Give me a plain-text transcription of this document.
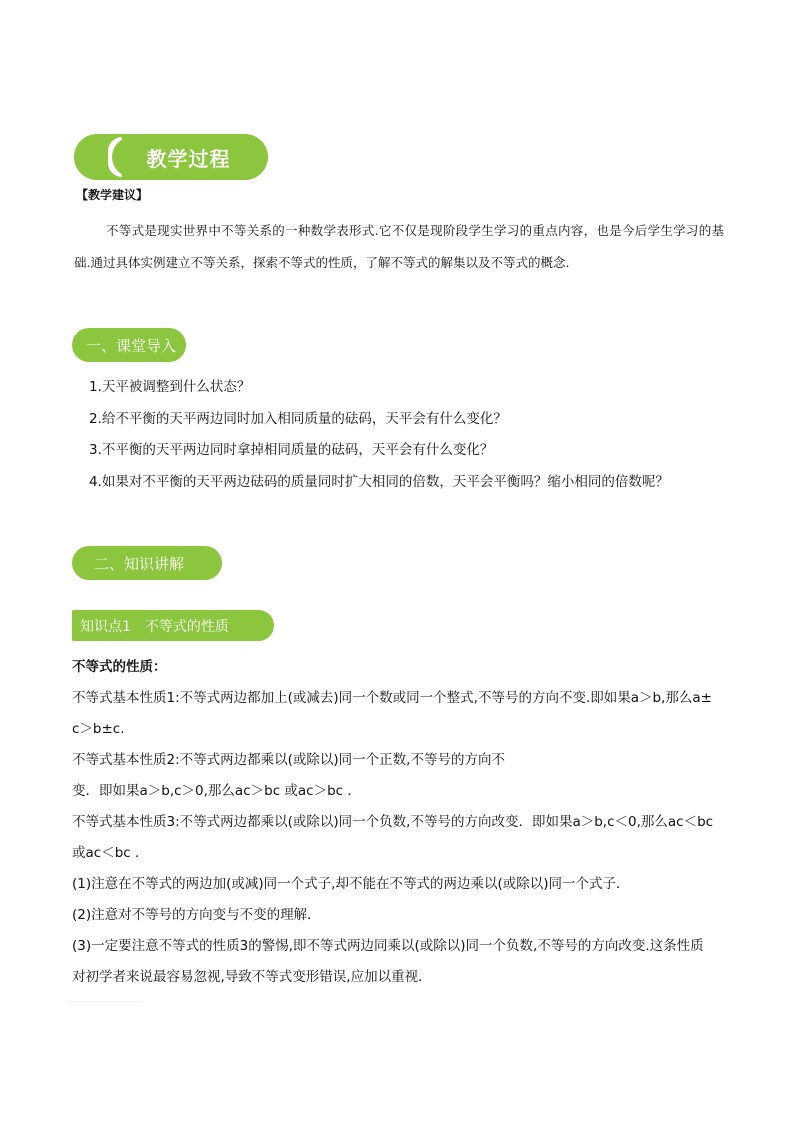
教学过程
【教学建议】
不等式是现实世界中不等关系的一种数学表形式.它不仅是现阶段学生学习的重点内容，也是今后学生学习的基础.通过具体实例建立不等关系，探索不等式的性质，了解不等式的解集以及不等式的概念.
一、课堂导入
1.天平被调整到什么状态？
2.给不平衡的天平两边同时加入相同质量的砝码，天平会有什么变化？
3.不平衡的天平两边同时拿掉相同质量的砝码，天平会有什么变化？
4.如果对不平衡的天平两边砝码的质量同时扩大相同的倍数，天平会平衡吗？缩小相同的倍数呢？
二、知识讲解
知识点1　不等式的性质
不等式的性质：
不等式基本性质1:不等式两边都加上(或减去)同一个数或同一个整式,不等号的方向不变.即如果a＞b,那么a±
c＞b±c.
不等式基本性质2:不等式两边都乘以(或除以)同一个正数,不等号的方向不
变．即如果a＞b,c＞0,那么ac＞bc 或ac＞bc ．
不等式基本性质3:不等式两边都乘以(或除以)同一个负数,不等号的方向改变．即如果a＞b,c＜0,那么ac＜bc
或ac＜bc ．
(1)注意在不等式的两边加(或减)同一个式子,却不能在不等式的两边乘以(或除以)同一个式子．
(2)注意对不等号的方向变与不变的理解．
(3)一定要注意不等式的性质3的警惕,即不等式两边同乘以(或除以)同一个负数,不等号的方向改变.这条性质
对初学者来说最容易忽视,导致不等式变形错误,应加以重视．
